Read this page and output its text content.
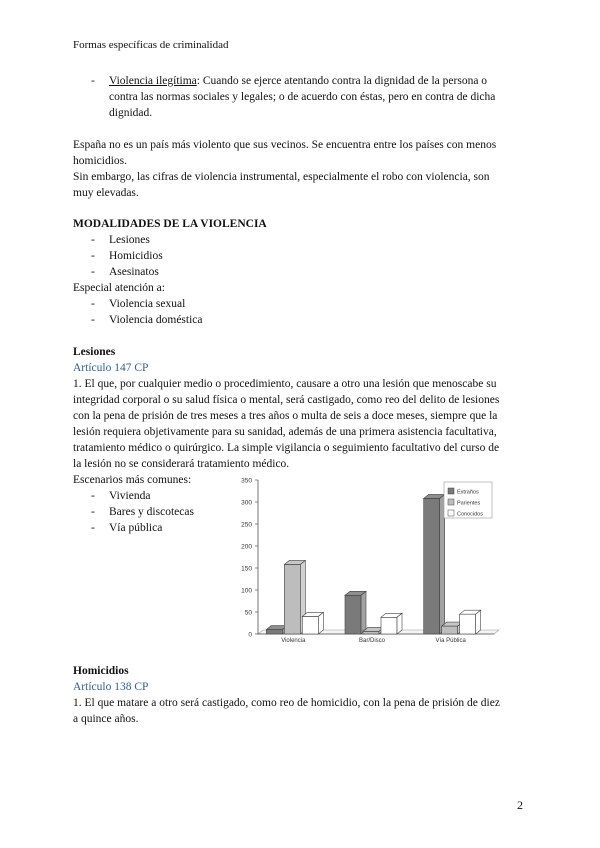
Formas específicas de criminalidad
- Violencia ilegítima: Cuando se ejerce atentando contra la dignidad de la persona o
contra las normas sociales y legales; o de acuerdo con éstas, pero en contra de dicha
dignidad.
España no es un país más violento que sus vecinos. Se encuentra entre los países con menos
homicidios.
Sin embargo, las cifras de violencia instrumental, especialmente el robo con violencia, son
muy elevadas.
MODALIDADES DE LA VIOLENCIA
- Lesiones
- Homicidios
- Asesinatos
Especial atención a:
- Violencia sexual
- Violencia doméstica
Lesiones
Artículo 147 CP
1. El que, por cualquier medio o procedimiento, causare a otro una lesión que menoscabe su
integridad corporal o su salud física o mental, será castigado, como reo del delito de lesiones
con la pena de prisión de tres meses a tres años o multa de seis a doce meses, siempre que la
lesión requiera objetivamente para su sanidad, además de una primera asistencia facultativa,
tratamiento médico o quirúrgico. La simple vigilancia o seguimiento facultativo del curso de
la lesión no se considerará tratamiento médico.
Escenarios más comunes:
- Vivienda
- Bares y discotecas
- Vía pública
0
50
100
150
200
250
300
350
Violencia	Bar/Disco	Vía Pública
Extraños
Parientes
Conocidos
Homicidios
Artículo 138 CP
1. El que matare a otro será castigado, como reo de homicidio, con la pena de prisión de diez
a quince años.
2
